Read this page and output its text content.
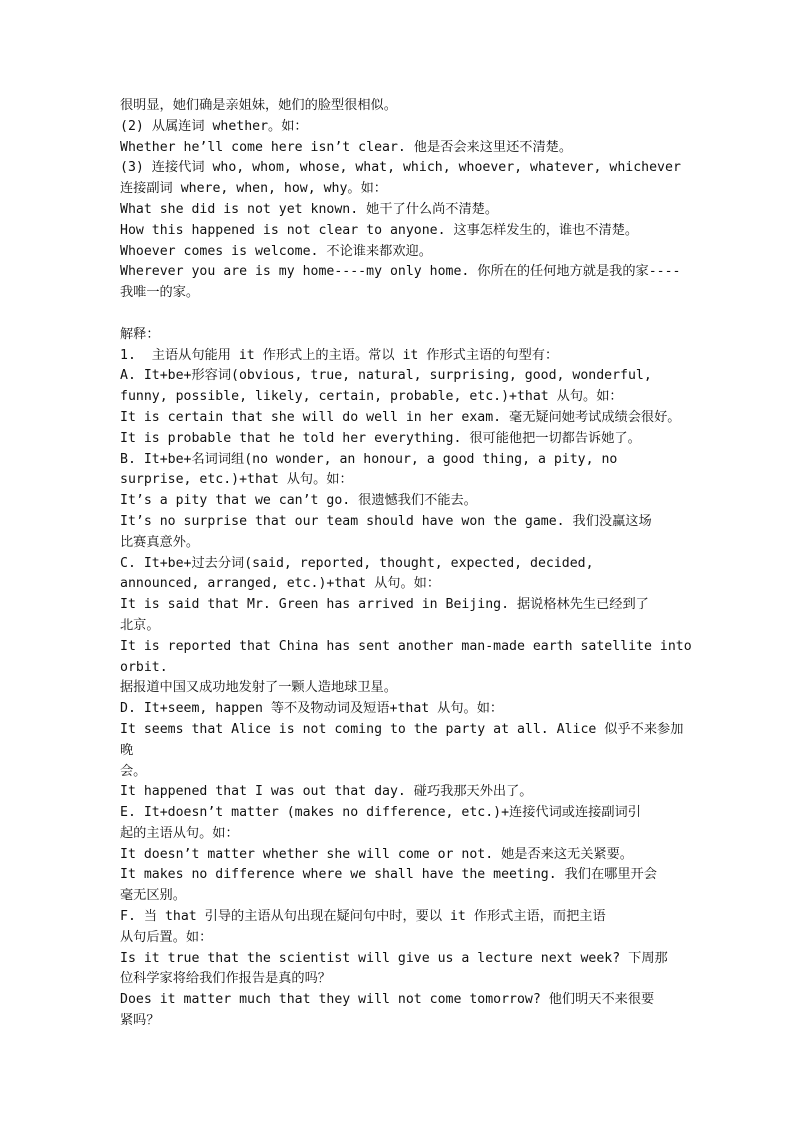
很明显，她们确是亲姐妹，她们的脸型很相似。
(2) 从属连词 whether。如：
Whether he’ll come here isn’t clear. 他是否会来这里还不清楚。
(3) 连接代词 who, whom, whose, what, which, whoever, whatever, whichever
连接副词 where, when, how, why。如：
What she did is not yet known. 她干了什么尚不清楚。
How this happened is not clear to anyone. 这事怎样发生的，谁也不清楚。
Whoever comes is welcome. 不论谁来都欢迎。
Wherever you are is my home----my only home. 你所在的任何地方就是我的家----
我唯一的家。
解释：
1.  主语从句能用 it 作形式上的主语。常以 it 作形式主语的句型有：
A. It+be+形容词(obvious, true, natural, surprising, good, wonderful,
funny, possible, likely, certain, probable, etc.)+that 从句。如：
It is certain that she will do well in her exam. 毫无疑问她考试成绩会很好。
It is probable that he told her everything. 很可能他把一切都告诉她了。
B. It+be+名词词组(no wonder, an honour, a good thing, a pity, no
surprise, etc.)+that 从句。如：
It’s a pity that we can’t go. 很遗憾我们不能去。
It’s no surprise that our team should have won the game. 我们没赢这场
比赛真意外。
C. It+be+过去分词(said, reported, thought, expected, decided,
announced, arranged, etc.)+that 从句。如：
It is said that Mr. Green has arrived in Beijing. 据说格林先生已经到了
北京。
It is reported that China has sent another man-made earth satellite into
orbit.
据报道中国又成功地发射了一颗人造地球卫星。
D. It+seem, happen 等不及物动词及短语+that 从句。如：
It seems that Alice is not coming to the party at all. Alice 似乎不来参加晚
会。
It happened that I was out that day. 碰巧我那天外出了。
E. It+doesn’t matter (makes no difference, etc.)+连接代词或连接副词引
起的主语从句。如：
It doesn’t matter whether she will come or not. 她是否来这无关紧要。
It makes no difference where we shall have the meeting. 我们在哪里开会
毫无区别。
F. 当 that 引导的主语从句出现在疑问句中时，要以 it 作形式主语，而把主语
从句后置。如：
Is it true that the scientist will give us a lecture next week? 下周那
位科学家将给我们作报告是真的吗？
Does it matter much that they will not come tomorrow? 他们明天不来很要
紧吗？
